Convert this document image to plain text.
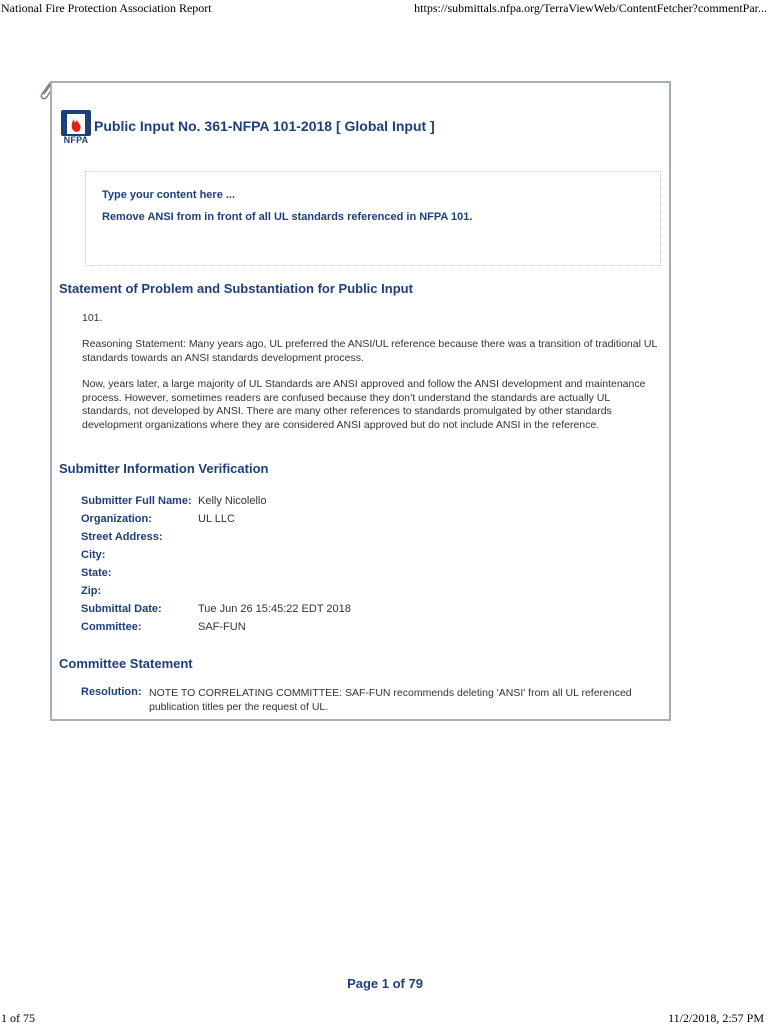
National Fire Protection Association Report	https://submittals.nfpa.org/TerraViewWeb/ContentFetcher?commentPar...
NFPA
Public Input No. 361-NFPA 101-2018 [ Global Input ]
Type your content here ...
Remove ANSI from in front of all UL standards referenced in NFPA 101.
Statement of Problem and Substantiation for Public Input
101.
Reasoning Statement: Many years ago, UL preferred the ANSI/UL reference because there was a transition of traditional UL standards towards an ANSI standards development process.
Now, years later, a large majority of UL Standards are ANSI approved and follow the ANSI development and maintenance process. However, sometimes readers are confused because they don’t understand the standards are actually UL standards, not developed by ANSI. There are many other references to standards promulgated by other standards development organizations where they are considered ANSI approved but do not include ANSI in the reference.
Submitter Information Verification
Submitter Full Name: Kelly Nicolello
Organization:	UL LLC
Street Address:
City:
State:
Zip:
Submittal Date:	Tue Jun 26 15:45:22 EDT 2018
Committee:	SAF-FUN
Committee Statement
Resolution: NOTE TO CORRELATING COMMITTEE: SAF-FUN recommends deleting 'ANSI' from all UL referenced publication titles per the request of UL.
Page 1 of 79
1 of 75	11/2/2018, 2:57 PM
